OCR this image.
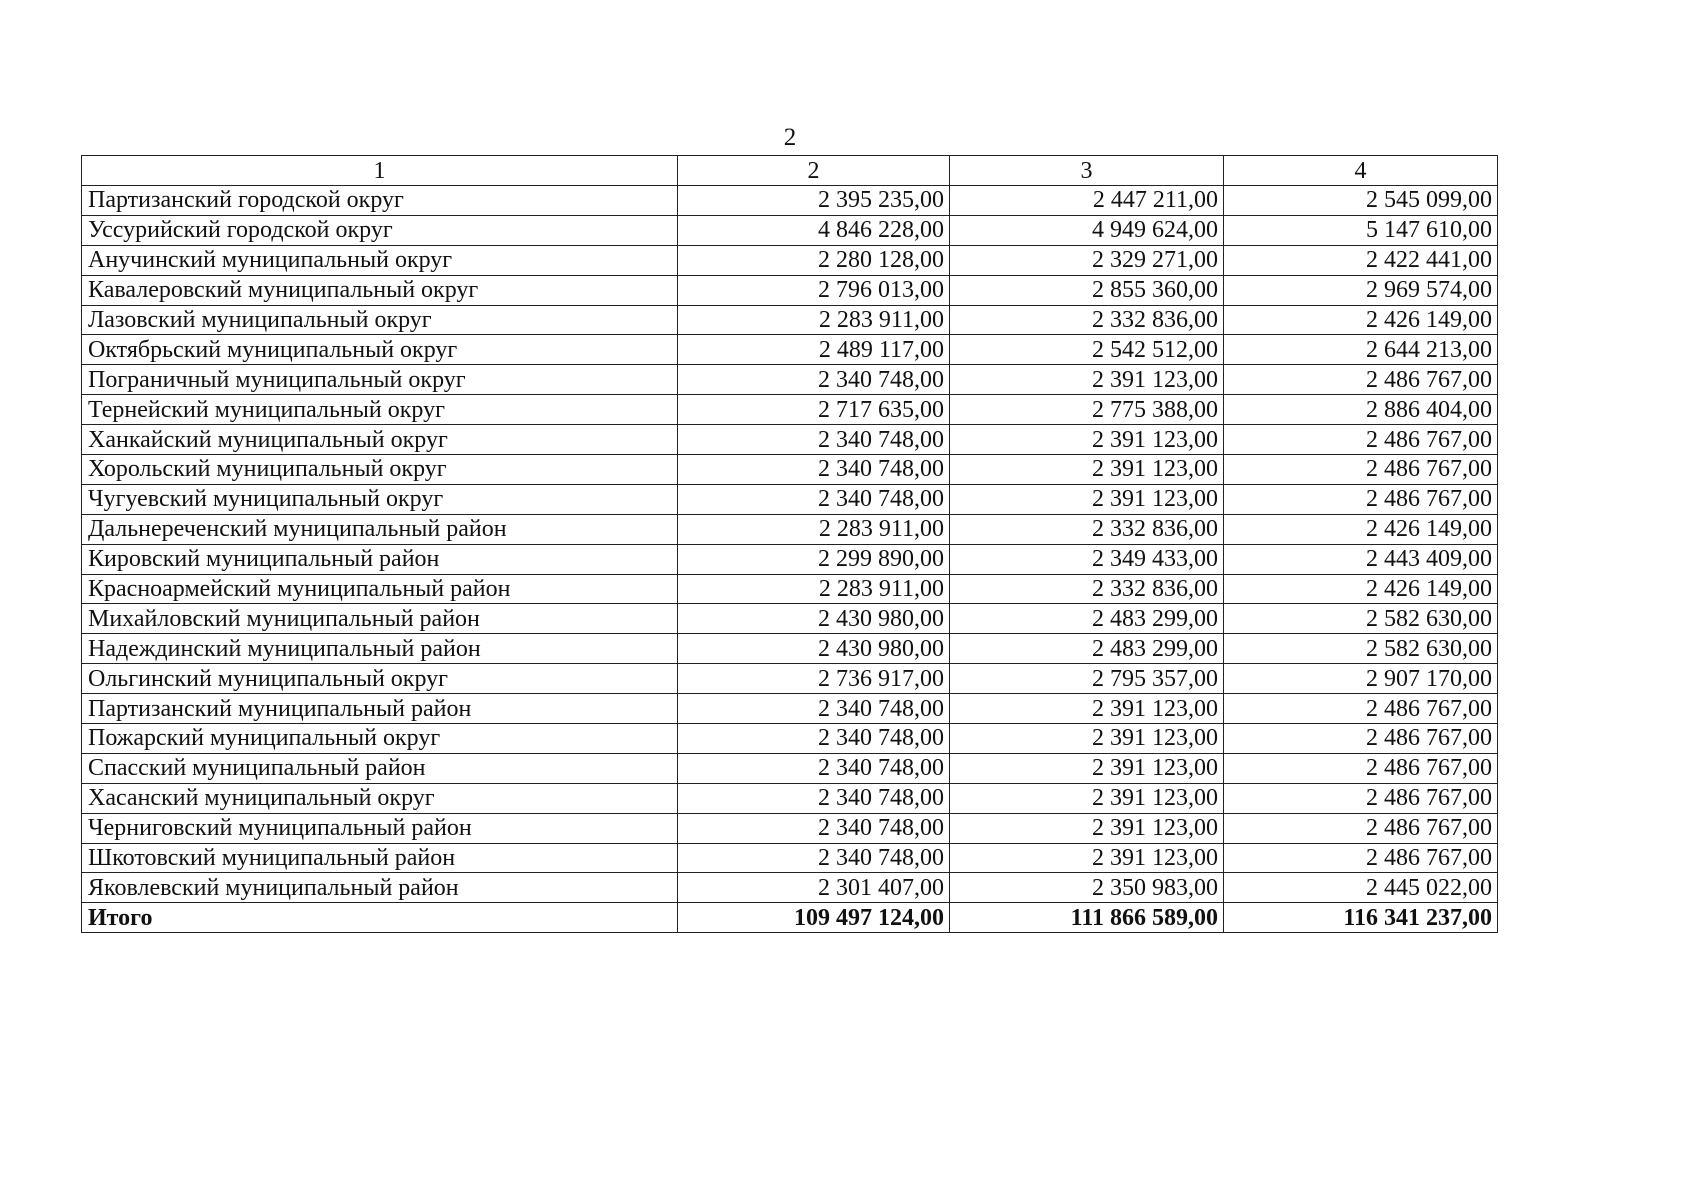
2
1	2	3	4
Партизанский городской округ	2 395 235,00	2 447 211,00	2 545 099,00
Уссурийский городской округ	4 846 228,00	4 949 624,00	5 147 610,00
Анучинский муниципальный округ	2 280 128,00	2 329 271,00	2 422 441,00
Кавалеровский муниципальный округ	2 796 013,00	2 855 360,00	2 969 574,00
Лазовский муниципальный округ	2 283 911,00	2 332 836,00	2 426 149,00
Октябрьский муниципальный округ	2 489 117,00	2 542 512,00	2 644 213,00
Пограничный муниципальный округ	2 340 748,00	2 391 123,00	2 486 767,00
Тернейский муниципальный округ	2 717 635,00	2 775 388,00	2 886 404,00
Ханкайский муниципальный округ	2 340 748,00	2 391 123,00	2 486 767,00
Хорольский муниципальный округ	2 340 748,00	2 391 123,00	2 486 767,00
Чугуевский муниципальный округ	2 340 748,00	2 391 123,00	2 486 767,00
Дальнереченский муниципальный район	2 283 911,00	2 332 836,00	2 426 149,00
Кировский муниципальный район	2 299 890,00	2 349 433,00	2 443 409,00
Красноармейский муниципальный район	2 283 911,00	2 332 836,00	2 426 149,00
Михайловский муниципальный район	2 430 980,00	2 483 299,00	2 582 630,00
Надеждинский муниципальный район	2 430 980,00	2 483 299,00	2 582 630,00
Ольгинский муниципальный округ	2 736 917,00	2 795 357,00	2 907 170,00
Партизанский муниципальный район	2 340 748,00	2 391 123,00	2 486 767,00
Пожарский муниципальный округ	2 340 748,00	2 391 123,00	2 486 767,00
Спасский муниципальный район	2 340 748,00	2 391 123,00	2 486 767,00
Хасанский муниципальный округ	2 340 748,00	2 391 123,00	2 486 767,00
Черниговский муниципальный район	2 340 748,00	2 391 123,00	2 486 767,00
Шкотовский муниципальный район	2 340 748,00	2 391 123,00	2 486 767,00
Яковлевский муниципальный район	2 301 407,00	2 350 983,00	2 445 022,00
Итого	109 497 124,00	111 866 589,00	116 341 237,00
